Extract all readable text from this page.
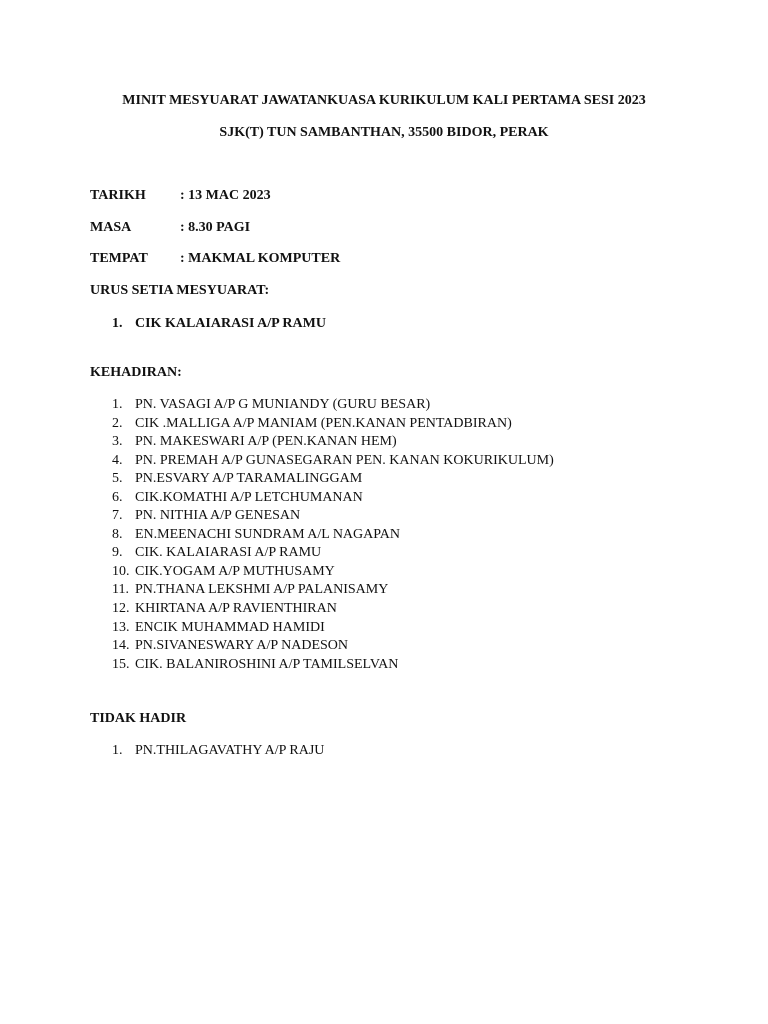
MINIT MESYUARAT JAWATANKUASA KURIKULUM KALI PERTAMA SESI 2023
SJK(T) TUN SAMBANTHAN, 35500 BIDOR, PERAK
TARIKH : 13 MAC 2023
MASA	: 8.30 PAGI
TEMPAT : MAKMAL KOMPUTER
URUS SETIA MESYUARAT:
1. CIK KALAIARASI A/P RAMU
KEHADIRAN:
1. PN. VASAGI A/P G MUNIANDY (GURU BESAR)
2. CIK .MALLIGA A/P MANIAM (PEN.KANAN PENTADBIRAN)
3. PN. MAKESWARI A/P (PEN.KANAN HEM)
4. PN. PREMAH A/P GUNASEGARAN PEN. KANAN KOKURIKULUM)
5. PN.ESVARY A/P TARAMALINGGAM
6. CIK.KOMATHI A/P LETCHUMANAN
7. PN. NITHIA A/P GENESAN
8. EN.MEENACHI SUNDRAM A/L NAGAPAN
9. CIK. KALAIARASI A/P RAMU
10. CIK.YOGAM A/P MUTHUSAMY
11. PN.THANA LEKSHMI A/P PALANISAMY
12. KHIRTANA A/P RAVIENTHIRAN
13. ENCIK MUHAMMAD HAMIDI
14. PN.SIVANESWARY A/P NADESON
15. CIK. BALANIROSHINI A/P TAMILSELVAN
TIDAK HADIR
1. PN.THILAGAVATHY A/P RAJU
